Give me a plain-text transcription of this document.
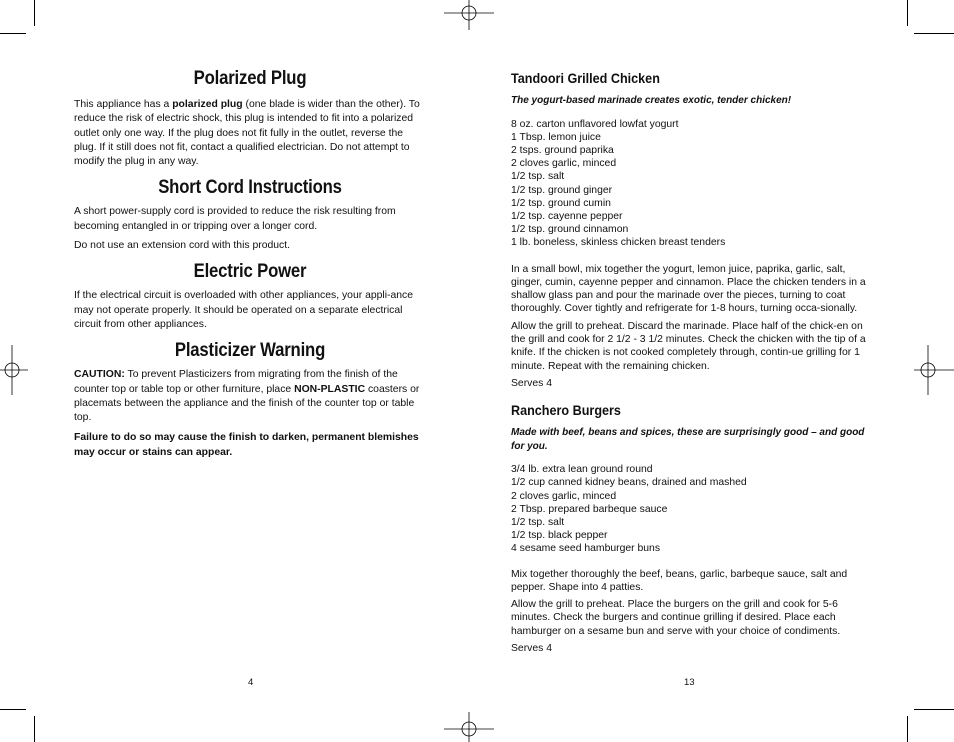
Polarized Plug

This appliance has a polarized plug (one blade is wider than the other). To reduce the risk of electric shock, this plug is intended to fit into a polarized outlet only one way. If the plug does not fit fully in the outlet, reverse the plug. If it still does not fit, contact a qualified electrician. Do not attempt to modify the plug in any way.

Short Cord Instructions

A short power-supply cord is provided to reduce the risk resulting from becoming entangled in or tripping over a longer cord.

Do not use an extension cord with this product.

Electric Power

If the electrical circuit is overloaded with other appliances, your appli-ance may not operate properly. It should be operated on a separate electrical circuit from other appliances.

Plasticizer Warning

CAUTION: To prevent Plasticizers from migrating from the finish of the counter top or table top or other furniture, place NON-PLASTIC coasters or placemats between the appliance and the finish of the counter top or table top.

Failure to do so may cause the finish to darken, permanent blemishes may occur or stains can appear.

4
Tandoori Grilled Chicken

The yogurt-based marinade creates exotic, tender chicken!

8 oz. carton unflavored lowfat yogurt
1 Tbsp. lemon juice
2 tsps. ground paprika
2 cloves garlic, minced
1/2 tsp. salt
1/2 tsp. ground ginger
1/2 tsp. ground cumin
1/2 tsp. cayenne pepper
1/2 tsp. ground cinnamon
1 lb. boneless, skinless chicken breast tenders

In a small bowl, mix together the yogurt, lemon juice, paprika, garlic, salt, ginger, cumin, cayenne pepper and cinnamon. Place the chicken tenders in a shallow glass pan and pour the marinade over the pieces, turning to coat thoroughly. Cover tightly and refrigerate for 1-8 hours, turning occa-sionally.

Allow the grill to preheat. Discard the marinade. Place half of the chick-en on the grill and cook for 2 1/2 - 3 1/2 minutes. Check the chicken with the tip of a knife. If the chicken is not cooked completely through, contin-ue grilling for 1 minute. Repeat with the remaining chicken.

Serves 4

Ranchero Burgers

Made with beef, beans and spices, these are surprisingly good – and good for you.

3/4 lb. extra lean ground round
1/2 cup canned kidney beans, drained and mashed
2 cloves garlic, minced
2 Tbsp. prepared barbeque sauce
1/2 tsp. salt
1/2 tsp. black pepper
4 sesame seed hamburger buns

Mix together thoroughly the beef, beans, garlic, barbeque sauce, salt and pepper. Shape into 4 patties.

Allow the grill to preheat. Place the burgers on the grill and cook for 5-6 minutes. Check the burgers and continue grilling if desired. Place each hamburger on a sesame bun and serve with your choice of condiments.

Serves 4

13
